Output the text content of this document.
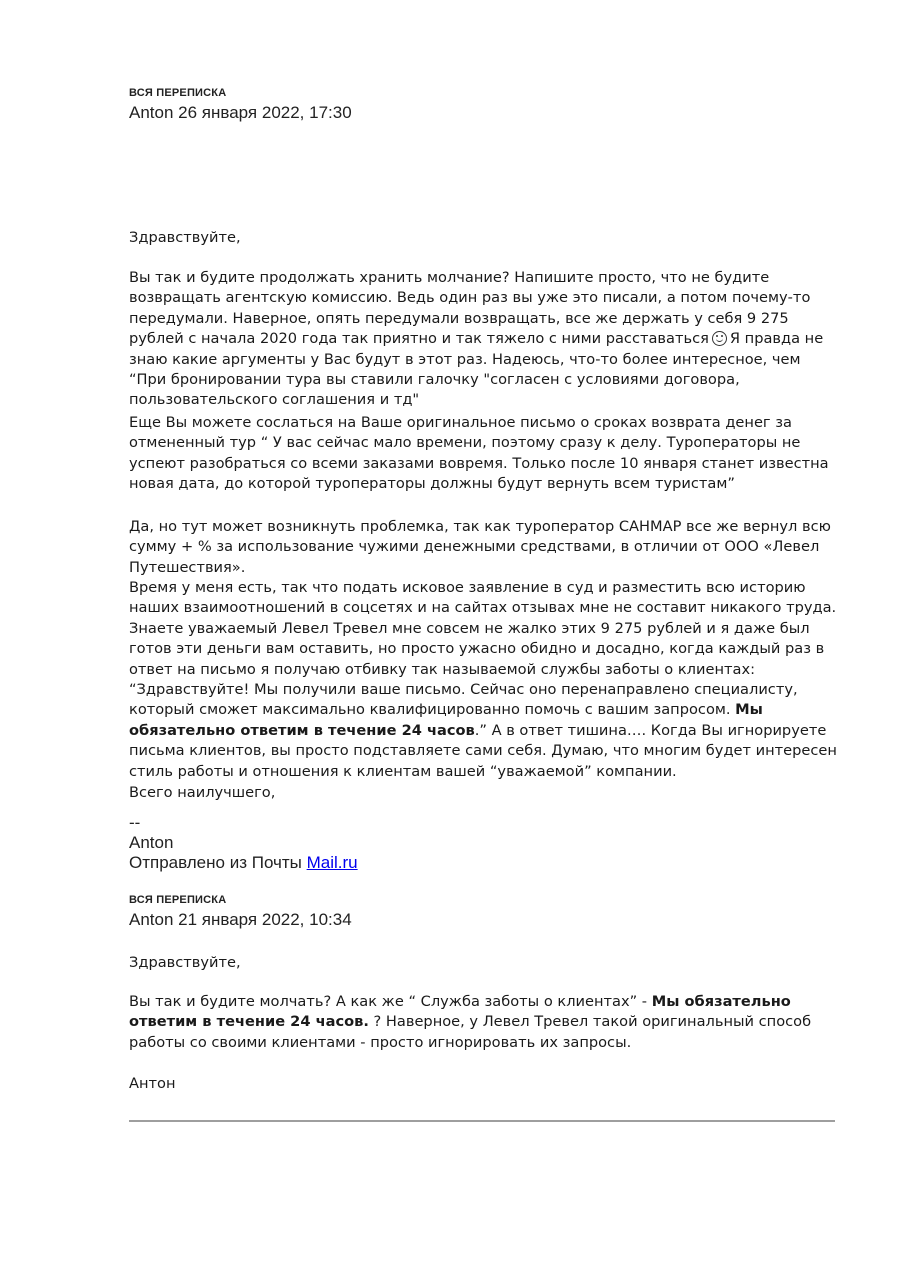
ВСЯ ПЕРЕПИСКА
Anton 26 января 2022, 17:30

Здравствуйте,

Вы так и будите продолжать хранить молчание? Напишите просто, что не будите возвращать агентскую комиссию. Ведь один раз вы уже это писали, а потом почему-то передумали. Наверное, опять передумали возвращать, все же держать у себя 9 275 рублей с начала 2020 года так приятно и так тяжело с ними расставаться Я правда не знаю какие аргументы у Вас будут в этот раз. Надеюсь, что-то более интересное, чем “При бронировании тура вы ставили галочку "согласен с условиями договора, пользовательского соглашения и тд"

Еще Вы можете сослаться на Ваше оригинальное письмо о сроках возврата денег за отмененный тур “ У вас сейчас мало времени, поэтому сразу к делу. Туроператоры не успеют разобраться со всеми заказами вовремя. Только после 10 января станет известна новая дата, до которой туроператоры должны будут вернуть всем туристам”

Да, но тут может возникнуть проблемка, так как туроператор САНМАР все же вернул всю сумму + % за использование чужими денежными средствами, в отличии от ООО «Левел Путешествия».

Время у меня есть, так что подать исковое заявление в суд и разместить всю историю наших взаимоотношений в соцсетях и на сайтах отзывах мне не составит никакого труда. Знаете уважаемый Левел Тревел мне совсем не жалко этих 9 275 рублей и я даже был готов эти деньги вам оставить, но просто ужасно обидно и досадно, когда каждый раз в ответ на письмо я получаю отбивку так называемой службы заботы о клиентах: “Здравствуйте! Мы получили ваше письмо. Сейчас оно перенаправлено специалисту, который сможет максимально квалифицированно помочь с вашим запросом. Мы обязательно ответим в течение 24 часов.” А в ответ тишина…. Когда Вы игнорируете письма клиентов, вы просто подставляете сами себя. Думаю, что многим будет интересен стиль работы и отношения к клиентам вашей “уважаемой” компании.

Всего наилучшего,

--
Anton
Отправлено из Почты Mail.ru
ВСЯ ПЕРЕПИСКА
Anton 21 января 2022, 10:34

Здравствуйте,

Вы так и будите молчать? А как же “ Служба заботы о клиентах” - Мы обязательно ответим в течение 24 часов. ? Наверное, у Левел Тревел такой оригинальный способ работы со своими клиентами - просто игнорировать их запросы.

Антон
